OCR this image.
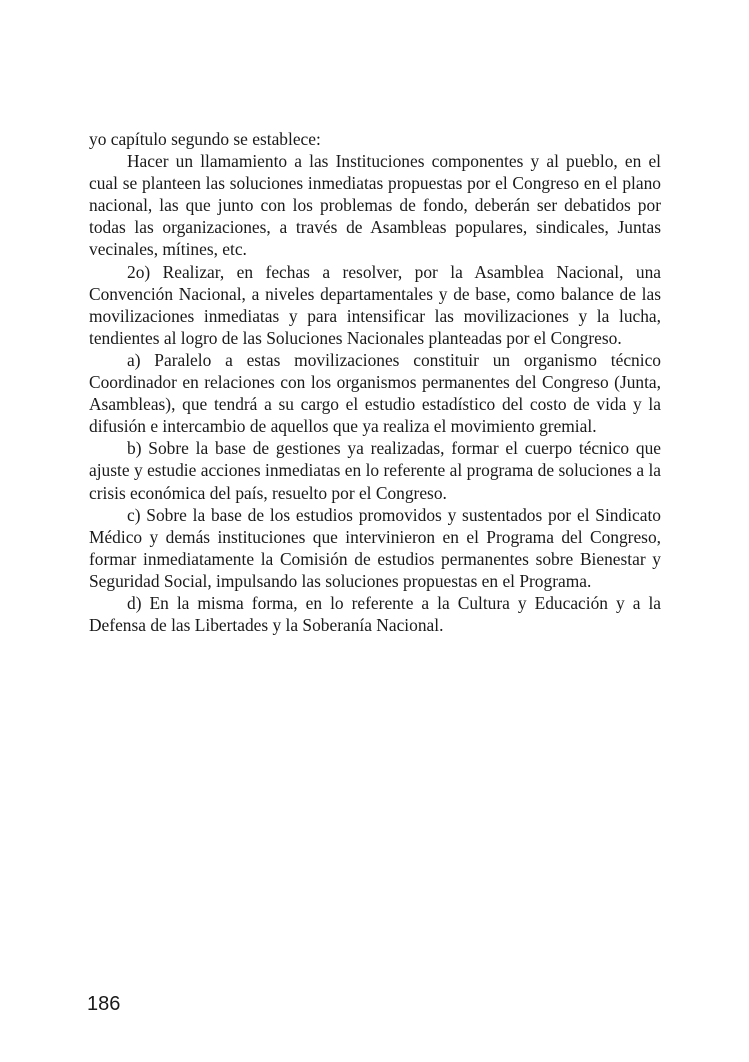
yo capítulo segundo se establece:

Hacer un llamamiento a las Instituciones componentes y al pueblo, en el cual se planteen las soluciones inmediatas propuestas por el Congreso en el plano nacional, las que junto con los problemas de fondo, deberán ser debatidos por todas las organizaciones, a través de Asambleas populares, sindicales, Juntas vecinales, mítines, etc.

2o) Realizar, en fechas a resolver, por la Asamblea Nacional, una Convención Nacional, a niveles departamentales y de base, como balance de las movilizaciones inmediatas y para intensificar las movilizaciones y la lucha, tendientes al logro de las Soluciones Nacionales planteadas por el Congreso.

a) Paralelo a estas movilizaciones constituir un organismo técnico Coordinador en relaciones con los organismos permanentes del Congreso (Junta, Asambleas), que tendrá a su cargo el estudio estadístico del costo de vida y la difusión e intercambio de aquellos que ya realiza el movimiento gremial.

b) Sobre la base de gestiones ya realizadas, formar el cuerpo técnico que ajuste y estudie acciones inmediatas en lo referente al programa de soluciones a la crisis económica del país, resuelto por el Congreso.

c) Sobre la base de los estudios promovidos y sustentados por el Sindicato Médico y demás instituciones que intervinieron en el Programa del Congreso, formar inmediatamente la Comisión de estudios permanentes sobre Bienestar y Seguridad Social, impulsando las soluciones propuestas en el Programa.

d) En la misma forma, en lo referente a la Cultura y Educación y a la Defensa de las Libertades y la Soberanía Nacional.

186
